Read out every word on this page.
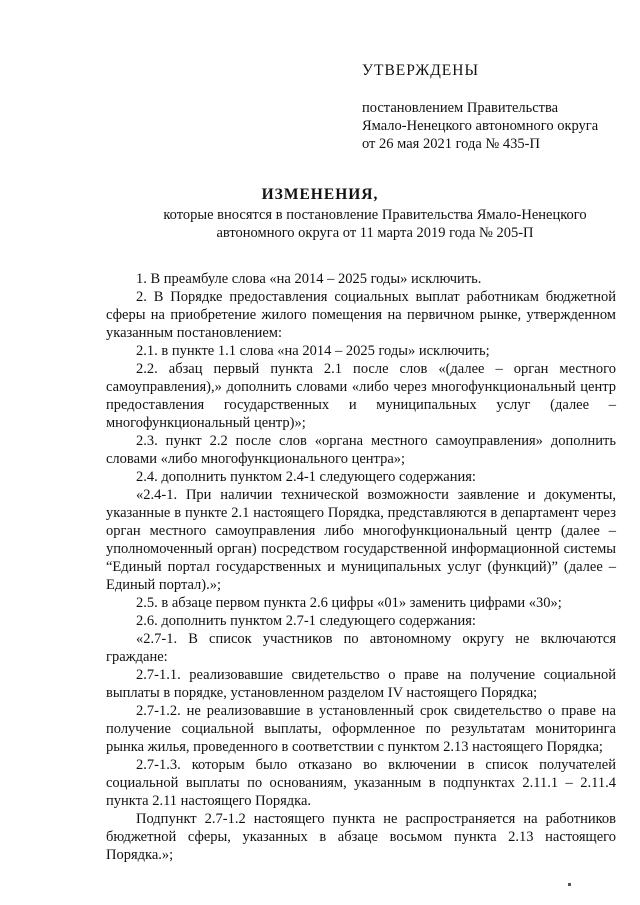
УТВЕРЖДЕНЫ
постановлением Правительства
Ямало-Ненецкого автономного округа
от 26 мая 2021 года № 435-П
ИЗМЕНЕНИЯ,
которые вносятся в постановление Правительства Ямало-Ненецкого
автономного округа от 11 марта 2019 года № 205-П

1. В преамбуле слова «на 2014 – 2025 годы» исключить.

2. В Порядке предоставления социальных выплат работникам бюджетной сферы на приобретение жилого помещения на первичном рынке, утвержденном указанным постановлением:

2.1. в пункте 1.1 слова «на 2014 – 2025 годы» исключить;

2.2. абзац первый пункта 2.1 после слов «(далее – орган местного самоуправления),» дополнить словами «либо через многофункциональный центр предоставления государственных и муниципальных услуг (далее – многофункциональный центр)»;

2.3. пункт 2.2 после слов «органа местного самоуправления» дополнить словами «либо многофункционального центра»;

2.4. дополнить пунктом 2.4-1 следующего содержания:

«2.4-1. При наличии технической возможности заявление и документы, указанные в пункте 2.1 настоящего Порядка, представляются в департамент через орган местного самоуправления либо многофункциональный центр (далее – уполномоченный орган) посредством государственной информационной системы “Единый портал государственных и муниципальных услуг (функций)” (далее – Единый портал).»;

2.5. в абзаце первом пункта 2.6 цифры «01» заменить цифрами «30»;

2.6. дополнить пунктом 2.7-1 следующего содержания:

«2.7-1. В список участников по автономному округу не включаются граждане:

2.7-1.1. реализовавшие свидетельство о праве на получение социальной выплаты в порядке, установленном разделом IV настоящего Порядка;

2.7-1.2. не реализовавшие в установленный срок свидетельство о праве на получение социальной выплаты, оформленное по результатам мониторинга рынка жилья, проведенного в соответствии с пунктом 2.13 настоящего Порядка;

2.7-1.3. которым было отказано во включении в список получателей социальной выплаты по основаниям, указанным в подпунктах 2.11.1 – 2.11.4 пункта 2.11 настоящего Порядка.

Подпункт 2.7-1.2 настоящего пункта не распространяется на работников бюджетной сферы, указанных в абзаце восьмом пункта 2.13 настоящего Порядка.»;
